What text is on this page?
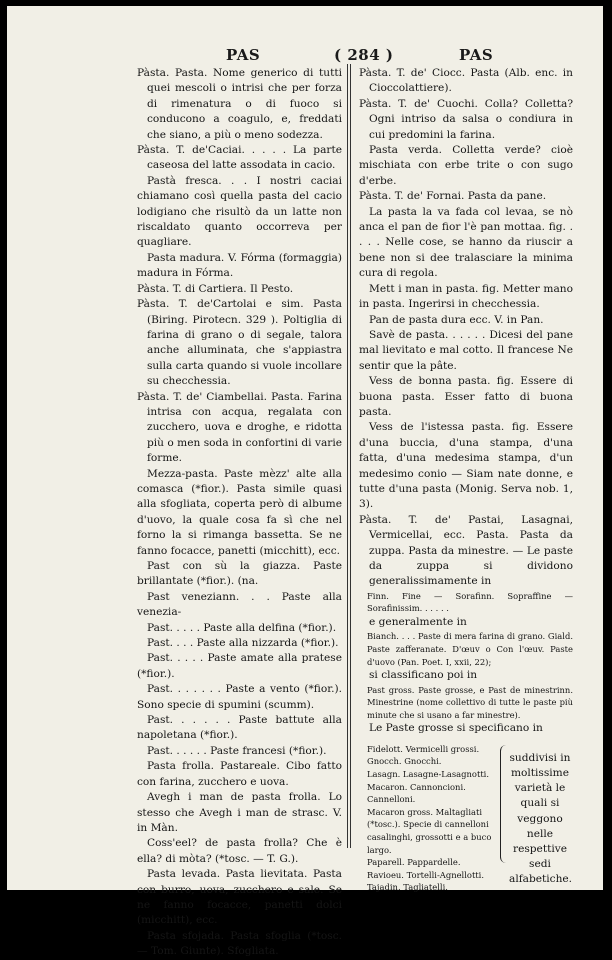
PAS	( 284 )	PAS

Pàsta. Pasta. Nome generico di tutti quei mescoli o intrisi che per forza di rimenatura o di fuoco si conducono a coagulo, e, freddati che siano, a più o meno sodezza.

Pàsta. T. de'Caciai. . . . . La parte caseosa del latte assodata in cacio.

Pastà fresca. . . I nostri caciai chiamano così quella pasta del cacio lodigiano che risultò da un latte non riscaldato quanto occorreva per quagliare.

Pasta madura. V. Fórma (formaggia) madura in Fórma.

Pàsta. T. di Cartiera. Il Pesto.

Pàsta. T. de'Cartolai e sim. Pasta (Biring. Pirotecn. 329 ). Poltiglia di farina di grano o di segale, talora anche alluminata, che s'appiastra sulla carta quando si vuole incollare su checchessia.

Pàsta. T. de' Ciambellai. Pasta. Farina intrisa con acqua, regalata con zucchero, uova e droghe, e ridotta più o men soda in confortini di varie forme.

Mezza-pasta. Paste mèzz' alte alla comasca (*fior.). Pasta simile quasi alla sfogliata, coperta però di albume d'uovo, la quale cosa fa sì che nel forno la si rimanga bassetta. Se ne fanno focacce, panetti (micchitt), ecc.

Past con sù la giazza. Paste brillantate (*fior.). (na.

Past veneziann. . . Paste alla venezia-

Past. . . . . Paste alla delfina (*fior.).

Past. . . . Paste alla nizzarda (*fior.).

Past. . . . . Paste amate alla pratese (*fior.).

Past. . . . . . . Paste a vento (*fior.). Sono specie di spumini (scumm).

Past. . . . . . Paste battute alla napoletana (*fior.).

Past. . . . . . Paste francesi (*fior.).

Pasta frolla. Pastareale. Cibo fatto con farina, zucchero e uova.

Avegh i man de pasta frolla. Lo stesso che Avegh i man de strasc. V. in Màn.

Coss'eel? de pasta frolla? Che è ella? di mòta? (*tosc. — T. G.).

Pasta levada. Pasta lievitata. Pasta con burro, uova, zucchero e sale. Se ne fanno focacce, panetti dolci (micchitt), ecc.

Pasta sfojada. Pasta sfoglia (*tosc. — Tom. Giunte). Sfogliata.

Pàsta. T. de' Ciocc. Pasta (Alb. enc. in Cioccolattiere).

Pàsta. T. de' Cuochi. Colla? Colletta? Ogni intriso da salsa o condiura in cui predomini la farina.

Pasta verda. Colletta verde? cioè mischiata con erbe trite o con sugo d'erbe.

Pàsta. T. de' Fornai. Pasta da pane.

La pasta la va fada col levaa, se nò anca el pan de fior l'è pan mottaa. fig. . . . . Nelle cose, se hanno da riuscir a bene non si dee tralasciare la minima cura di regola.

Mett i man in pasta. fig. Metter mano in pasta. Ingerirsi in checchessia.

Pan de pasta dura ecc. V. in Pan.

Savè de pasta. . . . . . Dicesi del pane mal lievitato e mal cotto. Il francese Ne sentir que la pâte.

Vess de bonna pasta. fig. Essere di buona pasta. Esser fatto di buona pasta.

Vess de l'istessa pasta. fig. Essere d'una buccia, d'una stampa, d'una fatta, d'una medesima stampa, d'un medesimo conio — Siam nate donne, e tutte d'una pasta (Monig. Serva nob. 1, 3).

Pàsta. T. de' Pastai, Lasagnai, Vermicellai, ecc. Pasta. Pasta da zuppa. Pasta da minestre. — Le paste da zuppa si dividono generalissimamente in

Finn. Fine — Sorafinn. Sopraffine — Sorafinissim. . . . . .

e generalmente in

Bianch. . . . Paste di mera farina di grano. Giald. Paste zafferanate. D'œuv o Con l'œuv. Paste d'uovo (Pan. Poet. I, xxii, 22);

si classificano poi in

Past gross. Paste grosse, e Past de minestrinn. Minestrine (nome collettivo di tutte le paste più minute che si usano a far minestre).

Le Paste grosse si specificano in

Fidelott. Vermicelli grossi.
Gnocch. Gnocchi.
Lasagn. Lasagne-Lasagnotti.
Macaron. Cannoncioni. Cannelloni.
Macaron gross. Maltagliati (*tosc.). Specie di cannelloni casalinghi, grossotti e a buco largo.
Paparell. Pappardelle.
Ravioeu. Tortelli-Agnellotti.
Tajadin. Tagliatelli.
suddivisi in moltissime varietà le quali si veggono nelle respettive sedi alfabetiche.
